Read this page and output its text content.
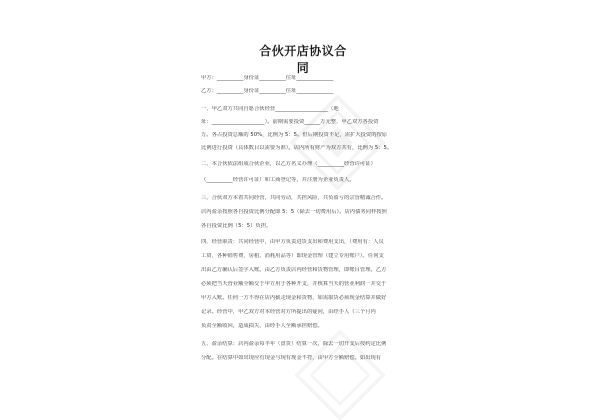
合伙开店协议合同
甲方：__________身份证__________住址______________
乙方：__________身份证__________住址______________
一、甲乙双方共同自愿合伙经营____________________（地
址：____________________）。前期需要投资______万元整，甲乙双方各投资
万。各占投资总额的 50%，比例为 5：5。但后期投资不足，需扩大投资的按原
比例进行投资（具体数目以需要为准）。店内所有财产为双方共有，比例为 5：5。
二、本合伙依法组成合伙企业，以乙方名义办理（__________经营许可证）
（__________经营许可证）和工商登记等，并注册为企业负责人。
三、合伙双方本着共同经营，共同劳动，共担风险，共负盈亏的宗旨精诚合作。
店内盈余按照各自投资比例分配即 5：5（除去一切费用后）。店内债务同样按照
各自投资比例（5：5）负担。
四、经营职责：共同经营中，由甲方负责进货支出和费用支出，（费用有：人员
工资、各种销售费、房租、消耗用品等）即现金管理（建立专用账户）。任何支
出由乙方确认后签字入账。由乙方负责店内经营和货物管理，即账目管理。乙方
必须把当天营业额全额交于甲方用于各种开支，并核算当天的营业利润一并交于
甲方入账。任何一方不得在店内截走现金和货物，如需取货必须现金结算并做好
记录。经营中，甲乙双方对本经营对方所提出的疑问，由经手人（三个月内
负责全额收回，造成损失，由经手人全额承担赔偿。
五、盈余结算：店内盈余每半年（盘货）结算一次，除去一切开支后按约定比例
分配。在结算中如出现应有现金与现有现金不符，由甲方全额赔偿。如出现有
